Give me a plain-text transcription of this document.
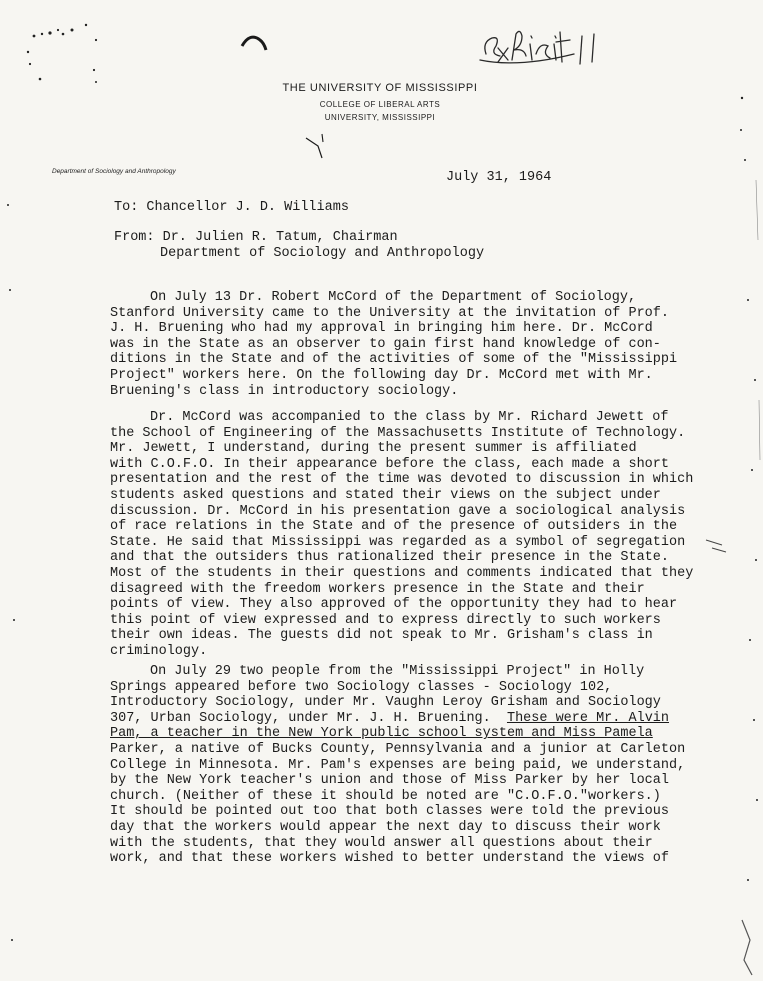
THE UNIVERSITY OF MISSISSIPPI
COLLEGE OF LIBERAL ARTS
UNIVERSITY, MISSISSIPPI
Department of Sociology and Anthropology	July 31, 1964
To: Chancellor J. D. Williams
From: Dr. Julien R. Tatum, Chairman
Department of Sociology and Anthropology
On July 13 Dr. Robert McCord of the Department of Sociology,
Stanford University came to the University at the invitation of Prof.
J. H. Bruening who had my approval in bringing him here. Dr. McCord
was in the State as an observer to gain first hand knowledge of con-
ditions in the State and of the activities of some of the "Mississippi
Project" workers here. On the following day Dr. McCord met with Mr.
Bruening's class in introductory sociology.
Dr. McCord was accompanied to the class by Mr. Richard Jewett of
the School of Engineering of the Massachusetts Institute of Technology.
Mr. Jewett, I understand, during the present summer is affiliated
with C.O.F.O. In their appearance before the class, each made a short
presentation and the rest of the time was devoted to discussion in which
students asked questions and stated their views on the subject under
discussion. Dr. McCord in his presentation gave a sociological analysis
of race relations in the State and of the presence of outsiders in the
State. He said that Mississippi was regarded as a symbol of segregation
and that the outsiders thus rationalized their presence in the State.
Most of the students in their questions and comments indicated that they
disagreed with the freedom workers presence in the State and their
points of view. They also approved of the opportunity they had to hear
this point of view expressed and to express directly to such workers
their own ideas. The guests did not speak to Mr. Grisham's class in
criminology.
On July 29 two people from the "Mississippi Project" in Holly
Springs appeared before two Sociology classes - Sociology 102,
Introductory Sociology, under Mr. Vaughn Leroy Grisham and Sociology
307, Urban Sociology, under Mr. J. H. Bruening.  These were Mr. Alvin
Pam, a teacher in the New York public school system and Miss Pamela
Parker, a native of Bucks County, Pennsylvania and a junior at Carleton
College in Minnesota. Mr. Pam's expenses are being paid, we understand,
by the New York teacher's union and those of Miss Parker by her local
church. (Neither of these it should be noted are "C.O.F.O."workers.)
It should be pointed out too that both classes were told the previous
day that the workers would appear the next day to discuss their work
with the students, that they would answer all questions about their
work, and that these workers wished to better understand the views of
